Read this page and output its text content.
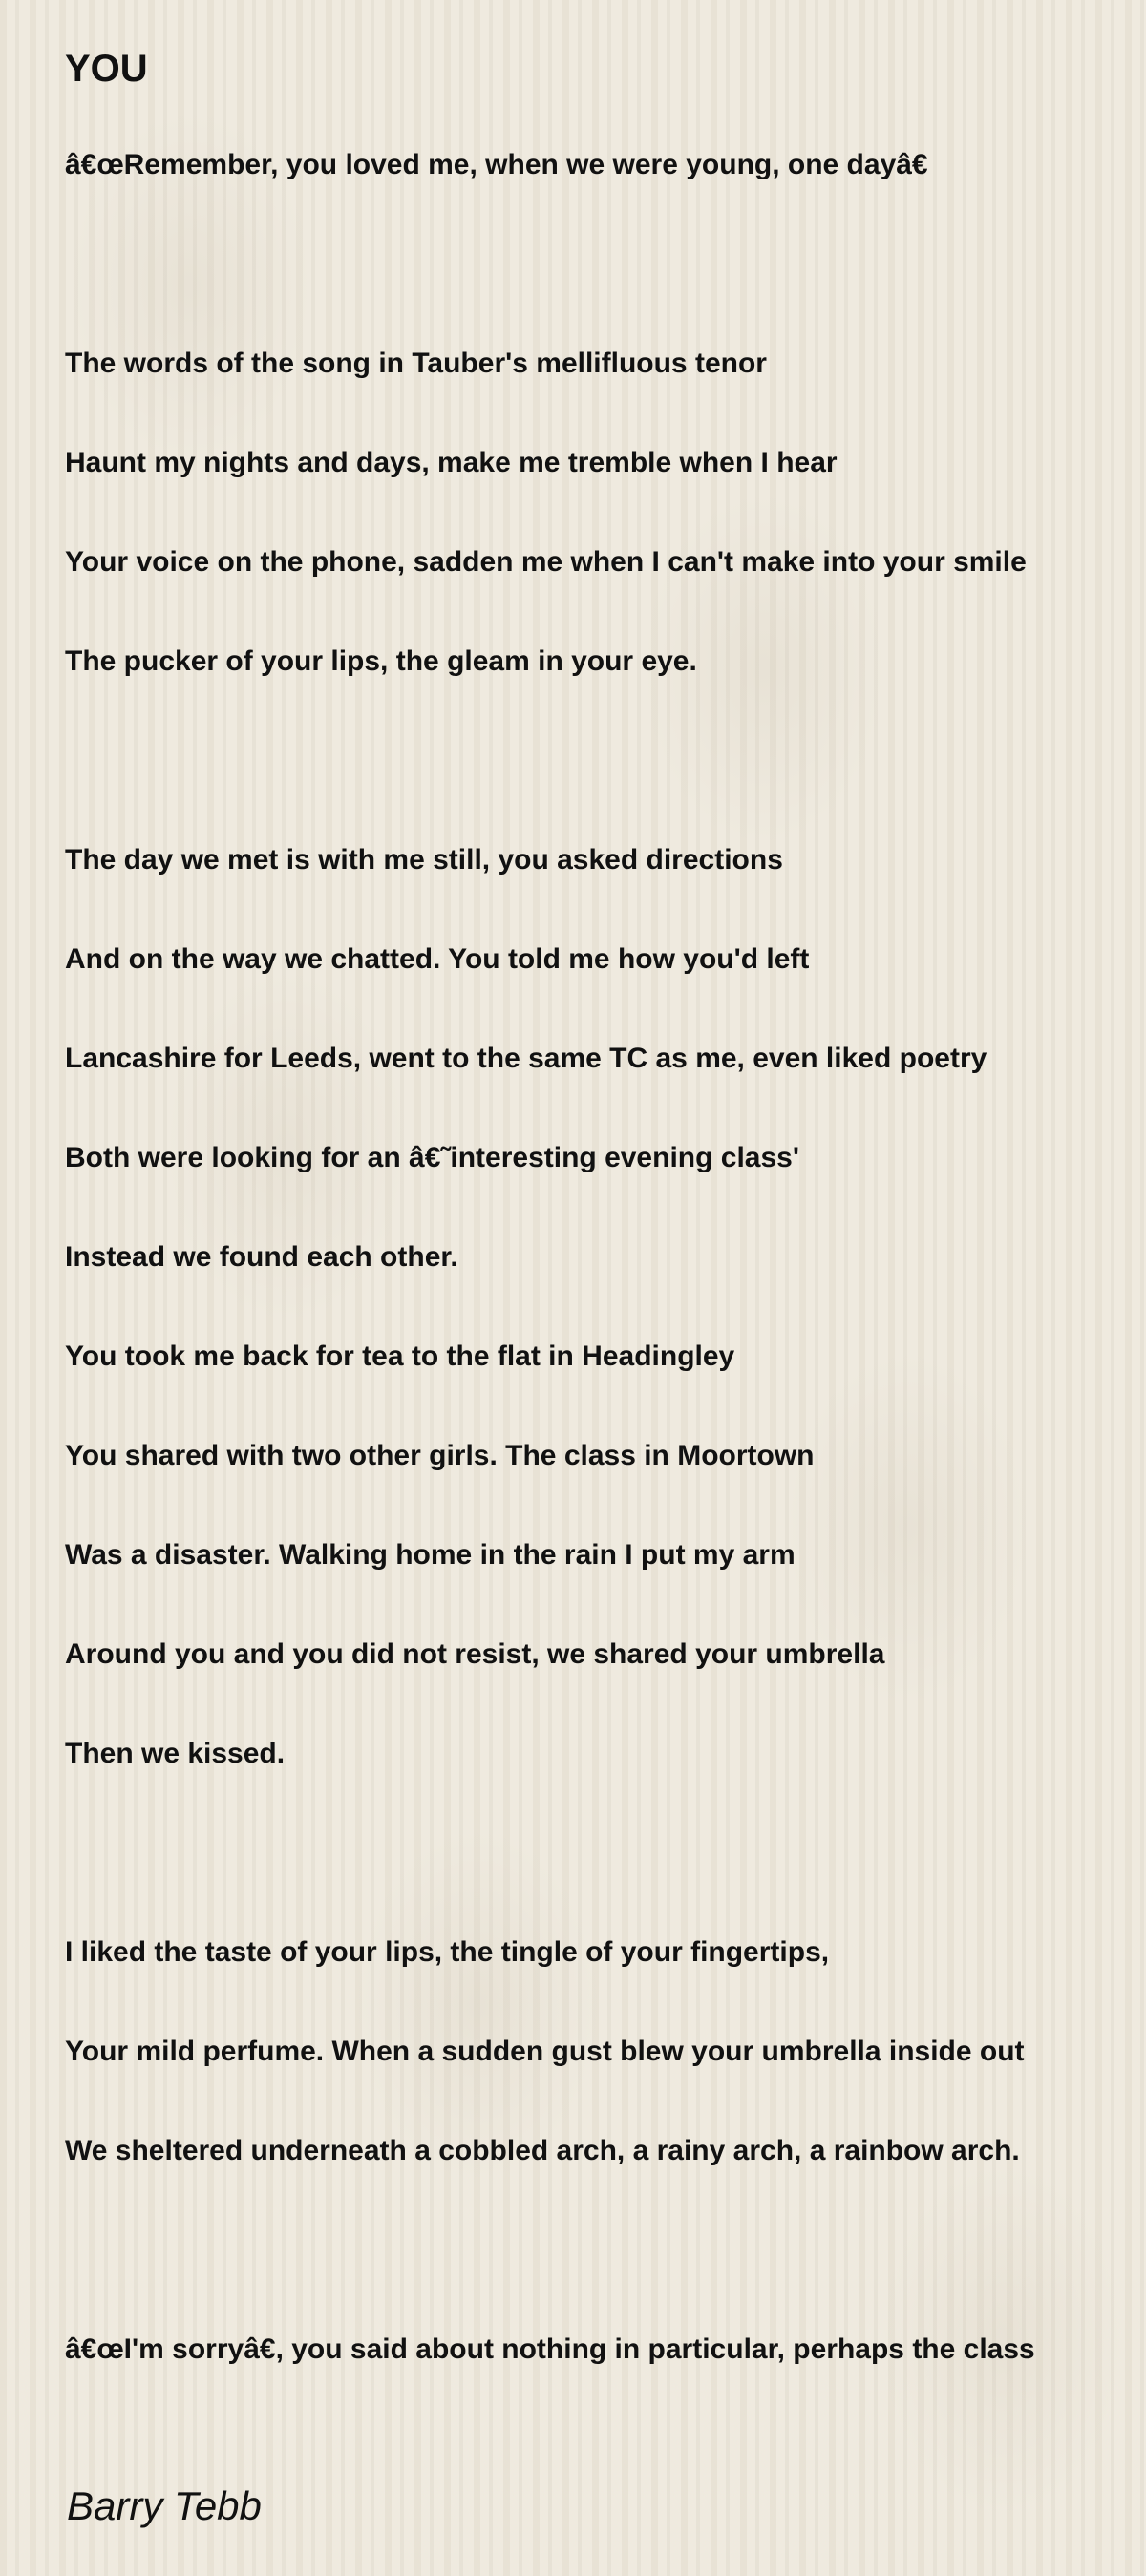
YOU
â€œRemember, you loved me, when we were young, one dayâ€
The words of the song in Tauber's mellifluous tenor
Haunt my nights and days, make me tremble when I hear
Your voice on the phone, sadden me when I can't make into your smile
The pucker of your lips, the gleam in your eye.
The day we met is with me still, you asked directions
And on the way we chatted. You told me how you'd left
Lancashire for Leeds, went to the same TC as me, even liked poetry
Both were looking for an â€˜interesting evening class'
Instead we found each other.
You took me back for tea to the flat in Headingley
You shared with two other girls. The class in Moortown
Was a disaster. Walking home in the rain I put my arm
Around you and you did not resist, we shared your umbrella
Then we kissed.
I liked the taste of your lips, the tingle of your fingertips,
Your mild perfume. When a sudden gust blew your umbrella inside out
We sheltered underneath a cobbled arch, a rainy arch, a rainbow arch.
â€œI'm sorryâ€, you said about nothing in particular, perhaps the class
Barry Tebb
